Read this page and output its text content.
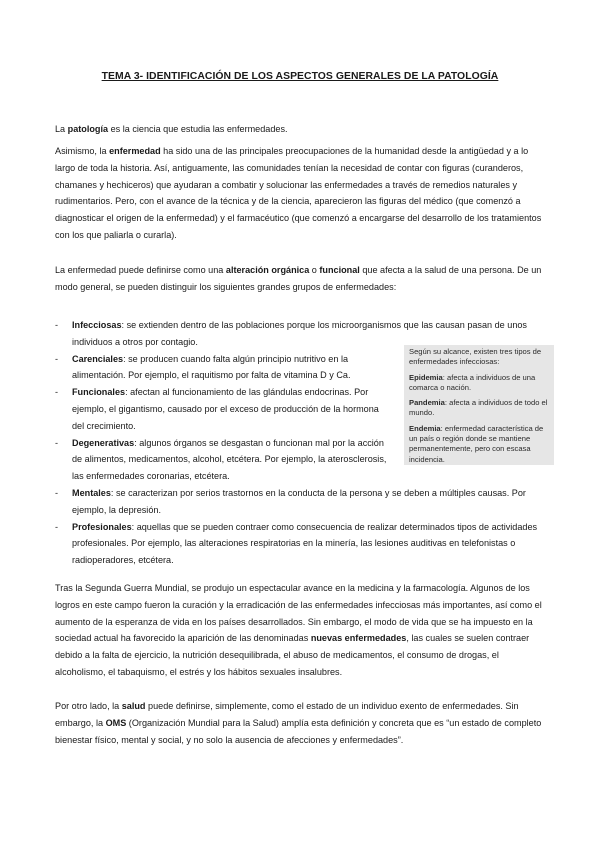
TEMA 3- IDENTIFICACIÓN DE LOS ASPECTOS GENERALES DE LA PATOLOGÍA

La patología es la ciencia que estudia las enfermedades.

Asimismo, la enfermedad ha sido una de las principales preocupaciones de la humanidad desde la antigüedad y a lo largo de toda la historia. Así, antiguamente, las comunidades tenían la necesidad de contar con figuras (curanderos, chamanes y hechiceros) que ayudaran a combatir y solucionar las enfermedades a través de remedios naturales y rudimentarios. Pero, con el avance de la técnica y de la ciencia, aparecieron las figuras del médico (que comenzó a diagnosticar el origen de la enfermedad) y el farmacéutico (que comenzó a encargarse del desarrollo de los tratamientos con los que paliarla o curarla).

La enfermedad puede definirse como una alteración orgánica o funcional que afecta a la salud de una persona. De un modo general, se pueden distinguir los siguientes grandes grupos de enfermedades:

- Infecciosas: se extienden dentro de las poblaciones porque los microorganismos que las causan pasan de unos individuos a otros por contagio.
- Carenciales: se producen cuando falta algún principio nutritivo en la alimentación. Por ejemplo, el raquitismo por falta de vitamina D y Ca.
- Funcionales: afectan al funcionamiento de las glándulas endocrinas. Por ejemplo, el gigantismo, causado por el exceso de producción de la hormona del crecimiento.
- Degenerativas: algunos órganos se desgastan o funcionan mal por la acción de alimentos, medicamentos, alcohol, etcétera. Por ejemplo, la aterosclerosis, las enfermedades coronarias, etcétera.
- Mentales: se caracterizan por serios trastornos en la conducta de la persona y se deben a múltiples causas. Por ejemplo, la depresión.
- Profesionales: aquellas que se pueden contraer como consecuencia de realizar determinados tipos de actividades profesionales. Por ejemplo, las alteraciones respiratorias en la minería, las lesiones auditivas en telefonistas o radioperadores, etcétera.

Según su alcance, existen tres tipos de enfermedades infecciosas:

Epidemia: afecta a individuos de una comarca o nación.

Pandemia: afecta a individuos de todo el mundo.

Endemia: enfermedad característica de un país o región donde se mantiene permanentemente, pero con escasa incidencia.

Tras la Segunda Guerra Mundial, se produjo un espectacular avance en la medicina y la farmacología. Algunos de los logros en este campo fueron la curación y la erradicación de las enfermedades infecciosas más importantes, así como el aumento de la esperanza de vida en los países desarrollados. Sin embargo, el modo de vida que se ha impuesto en la sociedad actual ha favorecido la aparición de las denominadas nuevas enfermedades, las cuales se suelen contraer debido a la falta de ejercicio, la nutrición desequilibrada, el abuso de medicamentos, el consumo de drogas, el alcoholismo, el tabaquismo, el estrés y los hábitos sexuales insalubres.

Por otro lado, la salud puede definirse, simplemente, como el estado de un individuo exento de enfermedades. Sin embargo, la OMS (Organización Mundial para la Salud) amplía esta definición y concreta que es “un estado de completo bienestar físico, mental y social, y no solo la ausencia de afecciones y enfermedades”.
